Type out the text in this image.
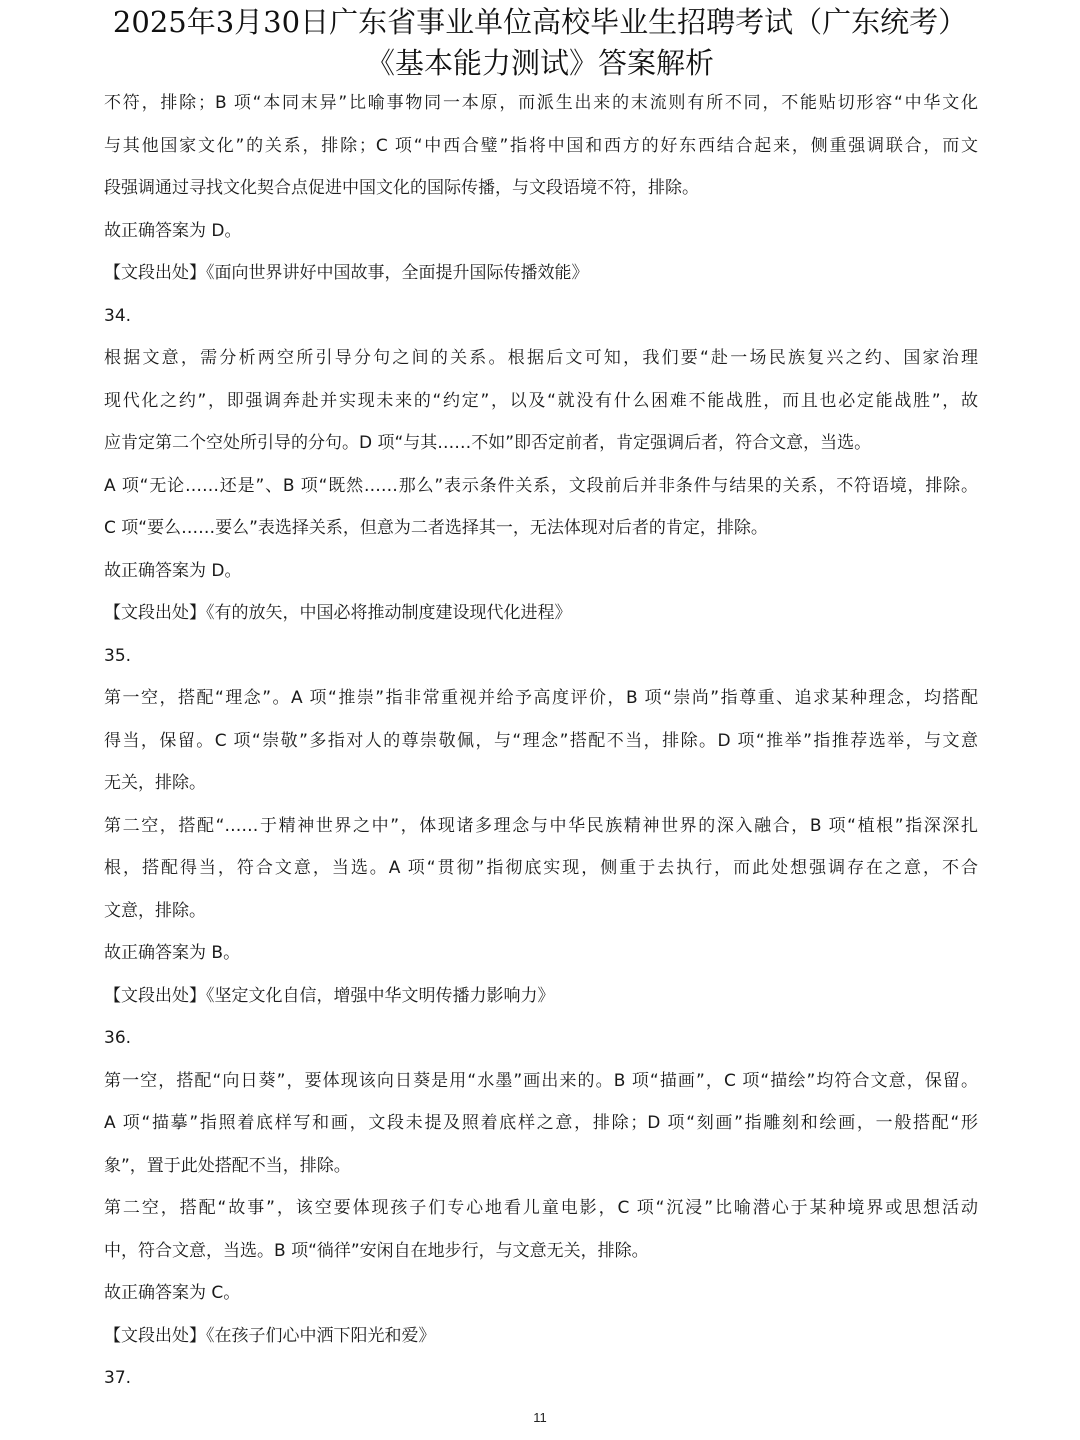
2025年3月30日广东省事业单位高校毕业生招聘考试（广东统考）
《基本能力测试》答案解析
不符，排除；B 项“本同末异”比喻事物同一本原，而派生出来的末流则有所不同，不能贴切形容“中华文化
与其他国家文化”的关系，排除；C 项“中西合璧”指将中国和西方的好东西结合起来，侧重强调联合，而文
段强调通过寻找文化契合点促进中国文化的国际传播，与文段语境不符，排除。
故正确答案为 D。
【文段出处】《面向世界讲好中国故事，全面提升国际传播效能》
34.
根据文意，需分析两空所引导分句之间的关系。根据后文可知，我们要“赴一场民族复兴之约、国家治理
现代化之约”，即强调奔赴并实现未来的“约定”，以及“就没有什么困难不能战胜，而且也必定能战胜”，故
应肯定第二个空处所引导的分句。D 项“与其……不如”即否定前者，肯定强调后者，符合文意，当选。
A 项“无论……还是”、B 项“既然……那么”表示条件关系，文段前后并非条件与结果的关系，不符语境，排除。
C 项“要么……要么”表选择关系，但意为二者选择其一，无法体现对后者的肯定，排除。
故正确答案为 D。
【文段出处】《有的放矢，中国必将推动制度建设现代化进程》
35.
第一空，搭配“理念”。A 项“推崇”指非常重视并给予高度评价，B 项“崇尚”指尊重、追求某种理念，均搭配
得当，保留。C 项“崇敬”多指对人的尊崇敬佩，与“理念”搭配不当，排除。D 项“推举”指推荐选举，与文意
无关，排除。
第二空，搭配“……于精神世界之中”，体现诸多理念与中华民族精神世界的深入融合，B 项“植根”指深深扎
根，搭配得当，符合文意，当选。A 项“贯彻”指彻底实现，侧重于去执行，而此处想强调存在之意，不合
文意，排除。
故正确答案为 B。
【文段出处】《坚定文化自信，增强中华文明传播力影响力》
36.
第一空，搭配“向日葵”，要体现该向日葵是用“水墨”画出来的。B 项“描画”，C 项“描绘”均符合文意，保留。
A 项“描摹”指照着底样写和画，文段未提及照着底样之意，排除；D 项“刻画”指雕刻和绘画，一般搭配“形
象”，置于此处搭配不当，排除。
第二空，搭配“故事”，该空要体现孩子们专心地看儿童电影，C 项“沉浸”比喻潜心于某种境界或思想活动
中，符合文意，当选。B 项“徜徉”安闲自在地步行，与文意无关，排除。
故正确答案为 C。
【文段出处】《在孩子们心中洒下阳光和爱》
37.
11
